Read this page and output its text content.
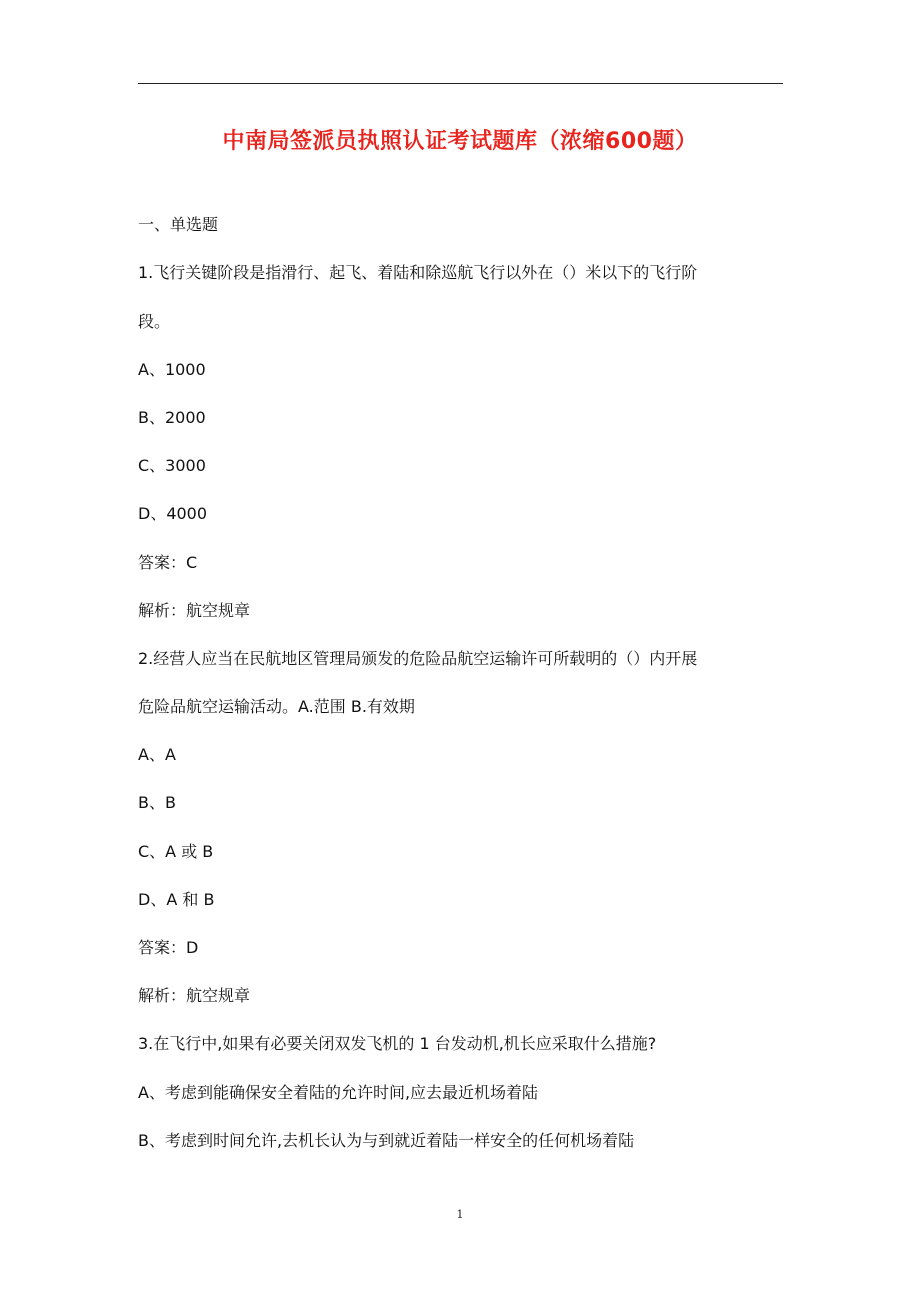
中南局签派员执照认证考试题库（浓缩600题）
一、单选题
1.飞行关键阶段是指滑行、起飞、着陆和除巡航飞行以外在（）米以下的飞行阶
段。
A、1000
B、2000
C、3000
D、4000
答案：C
解析：航空规章
2.经营人应当在民航地区管理局颁发的危险品航空运输许可所载明的（）内开展
危险品航空运输活动。A.范围 B.有效期
A、A
B、B
C、A 或 B
D、A 和 B
答案：D
解析：航空规章
3.在飞行中,如果有必要关闭双发飞机的 1 台发动机,机长应采取什么措施?
A、考虑到能确保安全着陆的允许时间,应去最近机场着陆
B、考虑到时间允许,去机长认为与到就近着陆一样安全的任何机场着陆
1
